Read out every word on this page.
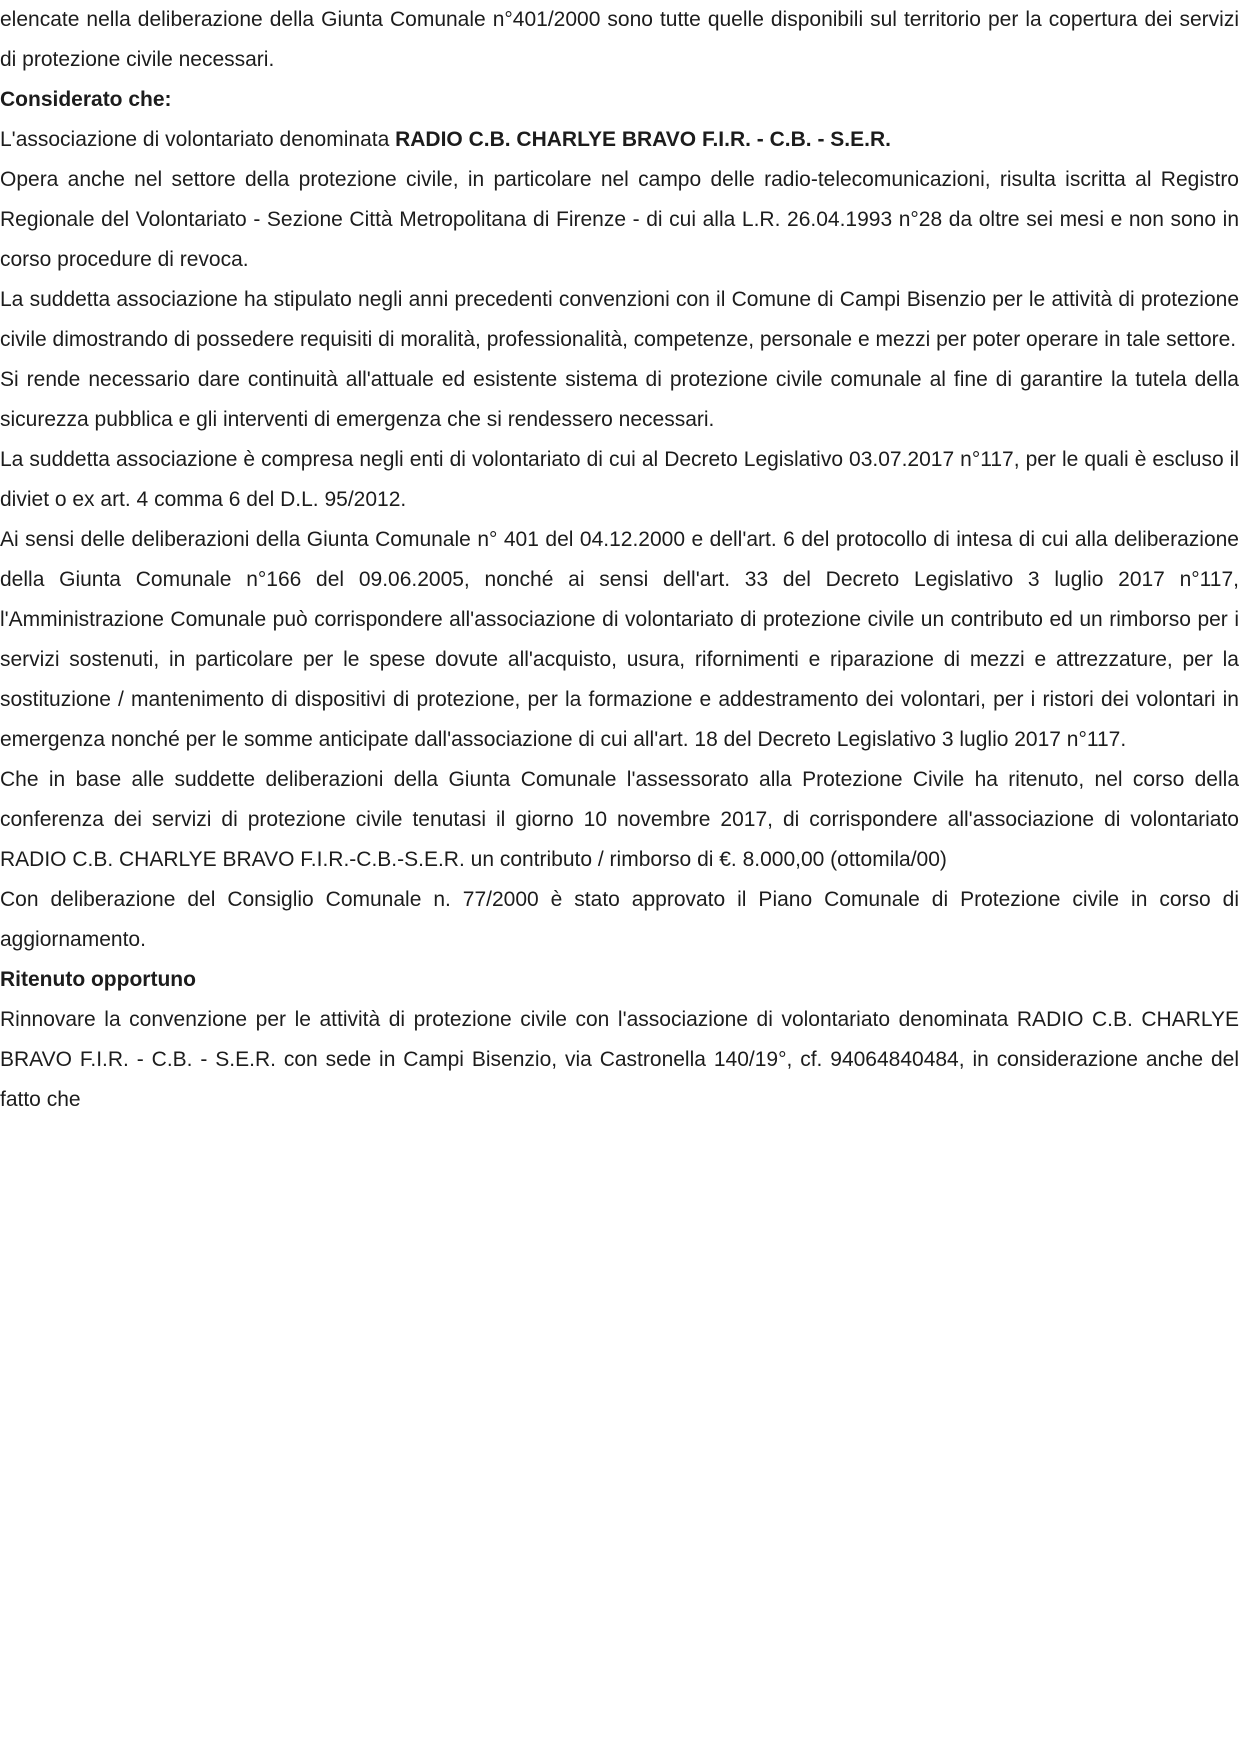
elencate nella deliberazione della Giunta Comunale n°401/2000 sono tutte quelle disponibili sul territorio per la copertura dei servizi di protezione civile necessari.

Considerato che:

L'associazione di volontariato denominata RADIO C.B. CHARLYE BRAVO F.I.R. - C.B. - S.E.R.

Opera anche nel settore della protezione civile, in particolare nel campo delle radio-telecomunicazioni, risulta iscritta al Registro Regionale del Volontariato - Sezione Città Metropolitana di Firenze - di cui alla L.R. 26.04.1993 n°28 da oltre sei mesi e non sono in corso procedure di revoca.
La suddetta associazione ha stipulato negli anni precedenti convenzioni con il Comune di Campi Bisenzio per le attività di protezione civile dimostrando di possedere requisiti di moralità, professionalità, competenze, personale e mezzi per poter operare in tale settore.
Si rende necessario dare continuità all'attuale ed esistente sistema di protezione civile comunale al fine di garantire la tutela della sicurezza pubblica e gli interventi di emergenza che si rendessero necessari.
La suddetta associazione è compresa negli enti di volontariato di cui al Decreto Legislativo 03.07.2017 n°117, per le quali è escluso il diviet o ex art. 4 comma 6 del D.L. 95/2012.
Ai sensi delle deliberazioni della Giunta Comunale n° 401 del 04.12.2000 e dell'art. 6 del protocollo di intesa di cui alla deliberazione della Giunta Comunale n°166 del 09.06.2005, nonché ai sensi dell'art. 33 del Decreto Legislativo 3 luglio 2017 n°117, l'Amministrazione Comunale può corrispondere all'associazione di volontariato di protezione civile un contributo ed un rimborso per i servizi sostenuti, in particolare per le spese dovute all'acquisto, usura, rifornimenti e riparazione di mezzi e attrezzature, per la sostituzione / mantenimento di dispositivi di protezione, per la formazione e addestramento dei volontari, per i ristori dei volontari in emergenza nonché per le somme anticipate dall'associazione di cui all'art. 18 del Decreto Legislativo 3 luglio 2017 n°117.
Che in base alle suddette deliberazioni della Giunta Comunale l'assessorato alla Protezione Civile ha ritenuto, nel corso della conferenza dei servizi di protezione civile tenutasi il giorno 10 novembre 2017, di corrispondere all'associazione di volontariato RADIO C.B. CHARLYE BRAVO F.I.R.-C.B.-S.E.R. un contributo / rimborso di €. 8.000,00 (ottomila/00)
Con deliberazione del Consiglio Comunale n. 77/2000 è stato approvato il Piano Comunale di Protezione civile in corso di aggiornamento.
Ritenuto opportuno
Rinnovare la convenzione per le attività di protezione civile con l'associazione di volontariato denominata RADIO C.B. CHARLYE BRAVO F.I.R. - C.B. - S.E.R. con sede in Campi Bisenzio, via Castronella 140/19°, cf. 94064840484, in considerazione anche del fatto che
